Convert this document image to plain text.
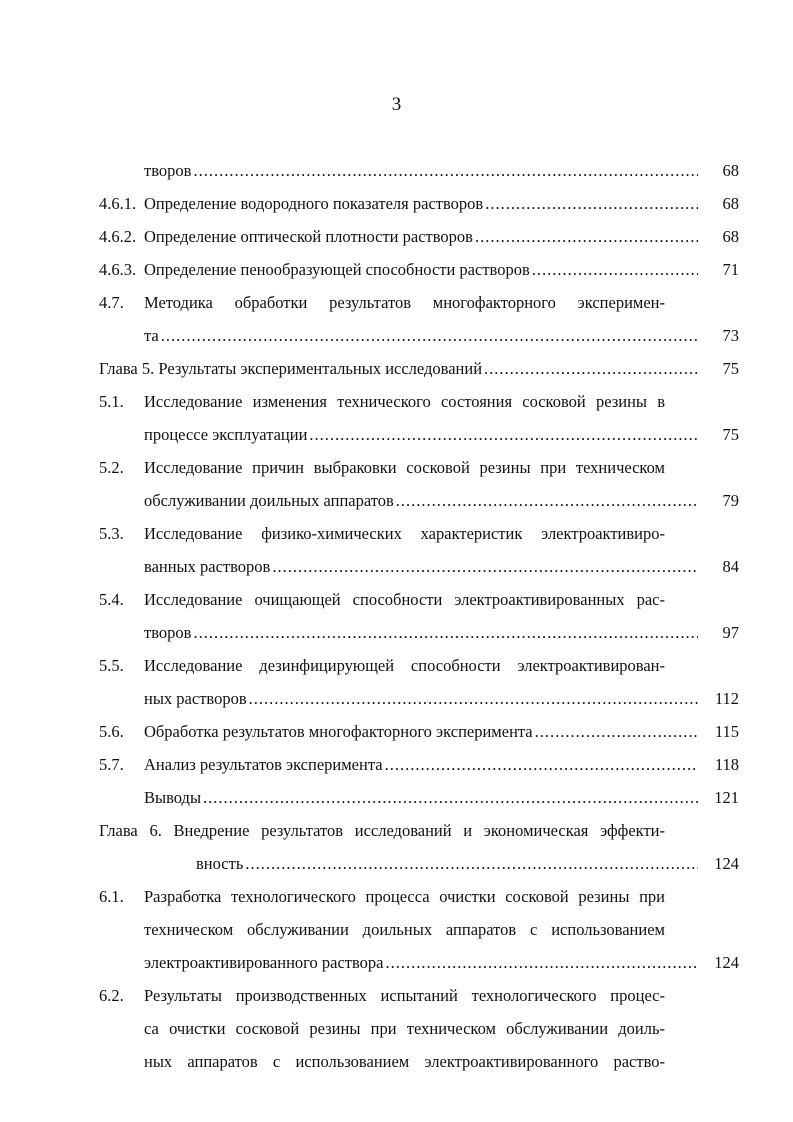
3
творов .....	68
4.6.1. Определение водородного показателя растворов .....	68
4.6.2. Определение оптической плотности растворов .....	68
4.6.3. Определение пенообразующей способности растворов .....	71
4.7.	Методика обработки результатов многофакторного эксперимен-
та .....	73
Глава 5. Результаты экспериментальных исследований .....	75
5.1.	Исследование изменения технического состояния сосковой резины в
процессе эксплуатации .....	75
5.2.	Исследование причин выбраковки сосковой резины при техническом
обслуживании доильных аппаратов .....	79
5.3.	Исследование физико-химических характеристик электроактивиро-
ванных растворов .....	84
5.4.	Исследование очищающей способности электроактивированных рас-
творов .....	97
5.5.	Исследование дезинфицирующей способности электроактивирован-
ных растворов .....	112
5.6.	Обработка результатов многофакторного эксперимента .....	115
5.7.	Анализ результатов эксперимента .....	118
Выводы .....	121
Глава 6. Внедрение результатов исследований и экономическая эффекти-
вность .....	124
6.1.	Разработка технологического процесса очистки сосковой резины при
техническом обслуживании доильных аппаратов с использованием
электроактивированного раствора .....	124
6.2.	Результаты производственных испытаний технологического процес-
са очистки сосковой резины при техническом обслуживании доиль-
ных аппаратов с использованием электроактивированного раство-
